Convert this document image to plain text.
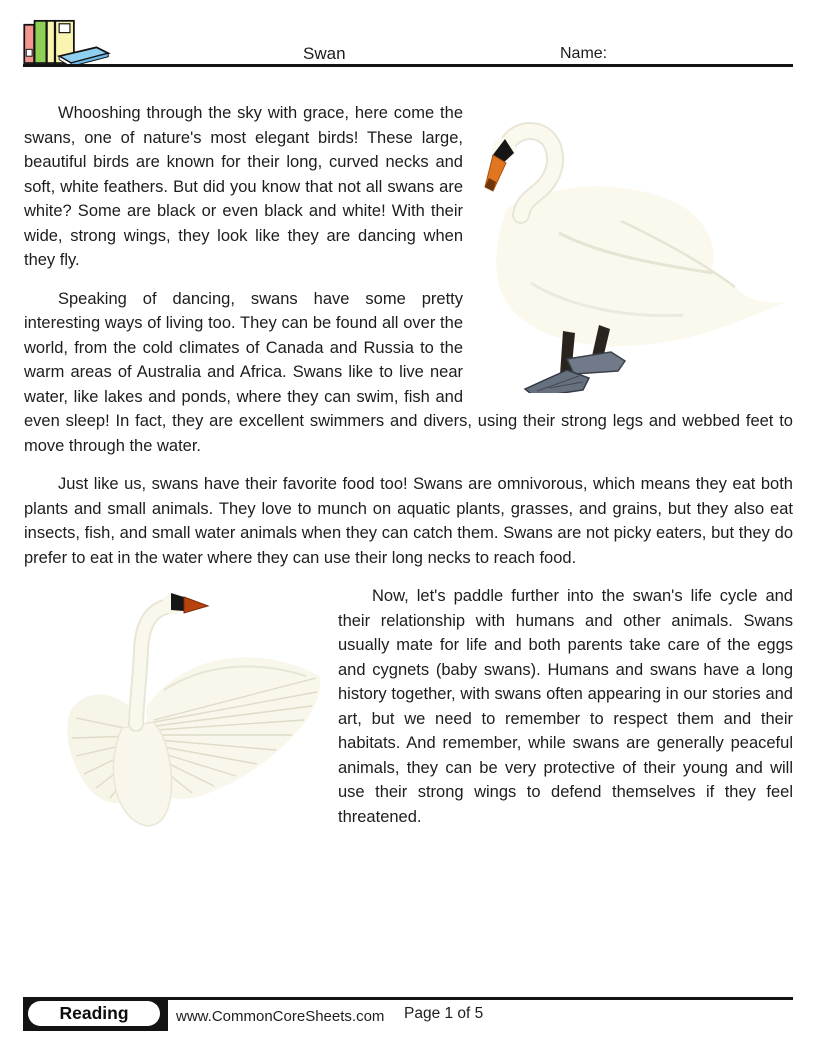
Swan	Name:

Whooshing through the sky with grace, here come the swans, one of nature's most elegant birds! These large, beautiful birds are known for their long, curved necks and soft, white feathers. But did you know that not all swans are white? Some are black or even black and white! With their wide, strong wings, they look like they are dancing when they fly.

Speaking of dancing, swans have some pretty interesting ways of living too. They can be found all over the world, from the cold climates of Canada and Russia to the warm areas of Australia and Africa. Swans like to live near water, like lakes and ponds, where they can swim, fish and even sleep! In fact, they are excellent swimmers and divers, using their strong legs and webbed feet to move through the water.

Just like us, swans have their favorite food too! Swans are omnivorous, which means they eat both plants and small animals. They love to munch on aquatic plants, grasses, and grains, but they also eat insects, fish, and small water animals when they can catch them. Swans are not picky eaters, but they do prefer to eat in the water where they can use their long necks to reach food.

Now, let's paddle further into the swan's life cycle and their relationship with humans and other animals. Swans usually mate for life and both parents take care of the eggs and cygnets (baby swans). Humans and swans have a long history together, with swans often appearing in our stories and art, but we need to remember to respect them and their habitats. And remember, while swans are generally peaceful animals, they can be very protective of their young and will use their strong wings to defend themselves if they feel threatened.

Reading	www.CommonCoreSheets.com Page 1 of 5
